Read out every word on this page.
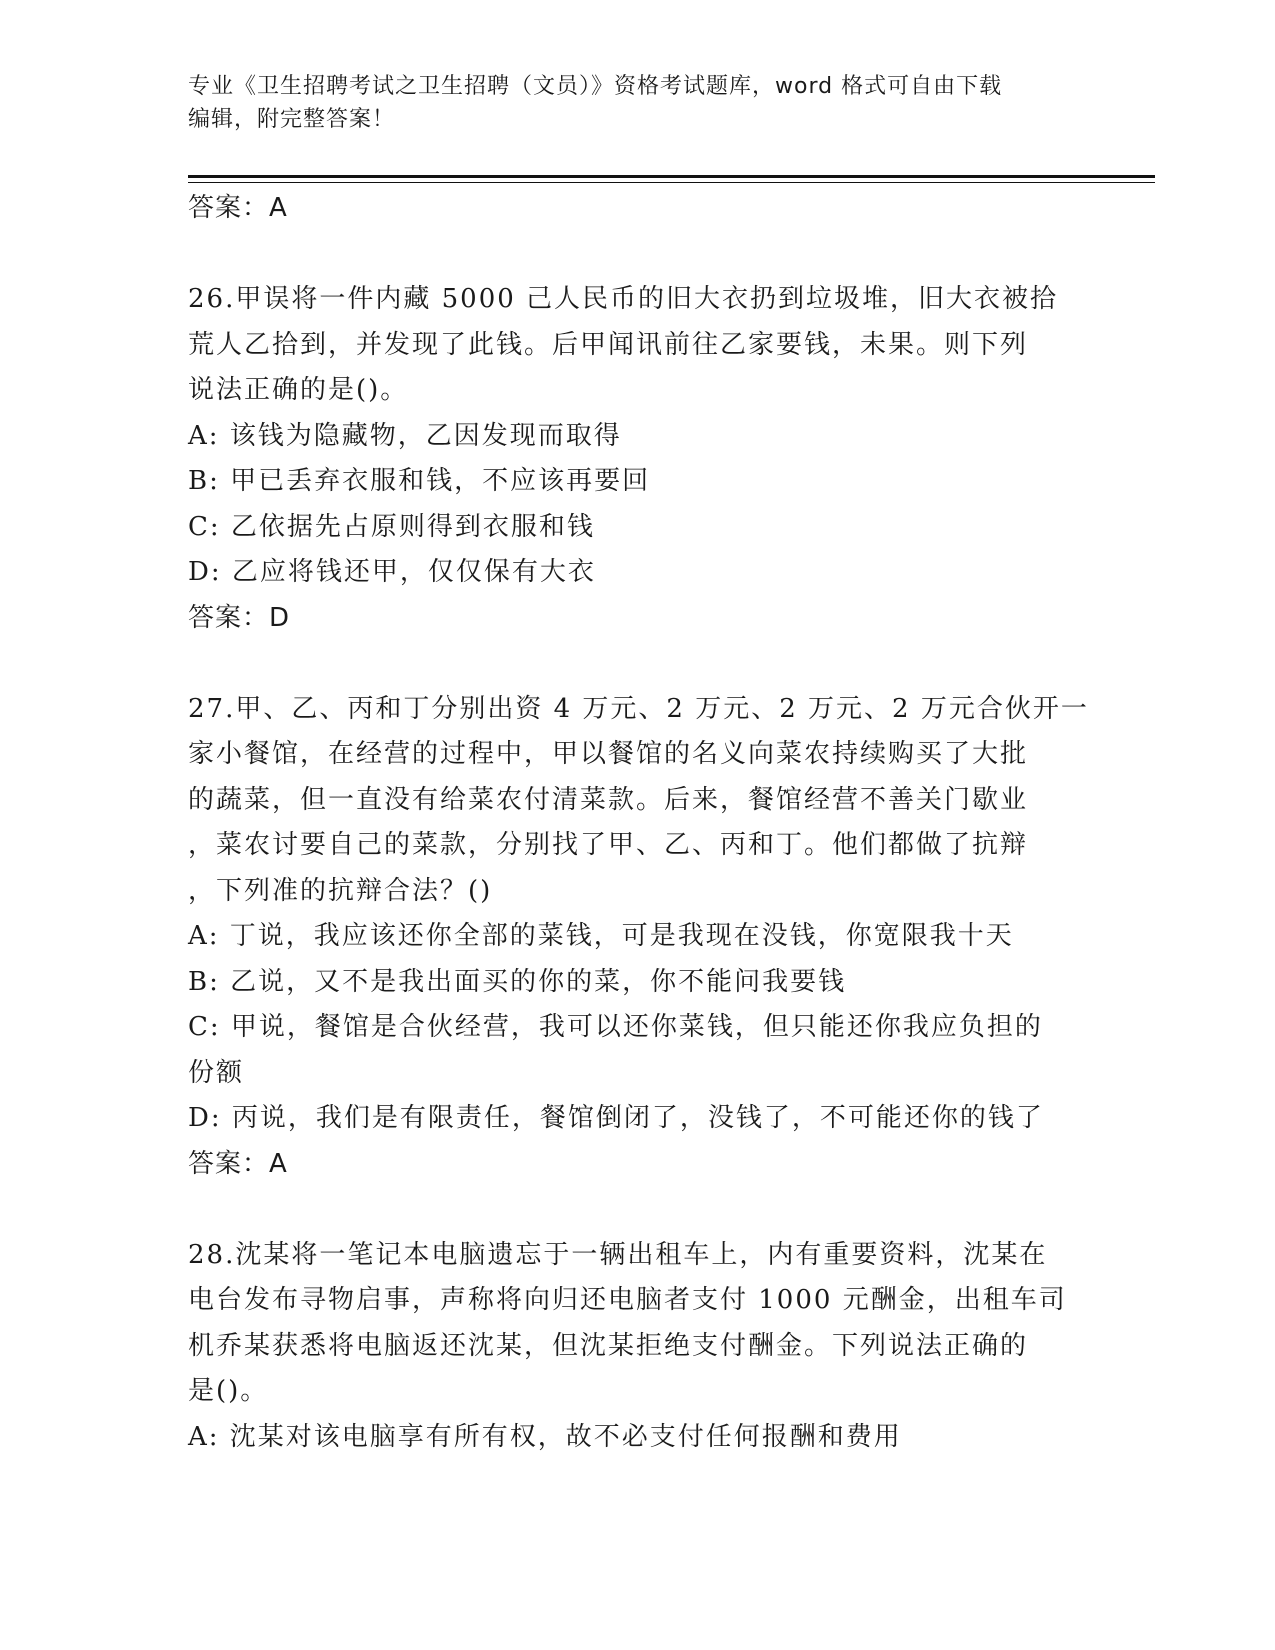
专业《卫生招聘考试之卫生招聘（文员）》资格考试题库，word 格式可自由下载
编辑，附完整答案！
答案：A
26.甲误将一件内藏 5000 己人民币的旧大衣扔到垃圾堆，旧大衣被拾
荒人乙拾到，并发现了此钱。后甲闻讯前往乙家要钱，未果。则下列
说法正确的是()。
A: 该钱为隐藏物，乙因发现而取得
B: 甲已丢弃衣服和钱，不应该再要回
C: 乙依据先占原则得到衣服和钱
D: 乙应将钱还甲，仅仅保有大衣
答案：D
27.甲、乙、丙和丁分别出资 4 万元、2 万元、2 万元、2 万元合伙开一
家小餐馆，在经营的过程中，甲以餐馆的名义向菜农持续购买了大批
的蔬菜，但一直没有给菜农付清菜款。后来，餐馆经营不善关门歇业
，菜农讨要自己的菜款，分别找了甲、乙、丙和丁。他们都做了抗辩
，下列准的抗辩合法？()
A: 丁说，我应该还你全部的菜钱，可是我现在没钱，你宽限我十天
B: 乙说，又不是我出面买的你的菜，你不能问我要钱
C: 甲说，餐馆是合伙经营，我可以还你菜钱，但只能还你我应负担的
份额
D: 丙说，我们是有限责任，餐馆倒闭了，没钱了，不可能还你的钱了
答案：A
28.沈某将一笔记本电脑遗忘于一辆出租车上，内有重要资料，沈某在
电台发布寻物启事，声称将向归还电脑者支付 1000 元酬金，出租车司
机乔某获悉将电脑返还沈某，但沈某拒绝支付酬金。下列说法正确的
是()。
A: 沈某对该电脑享有所有权，故不必支付任何报酬和费用
